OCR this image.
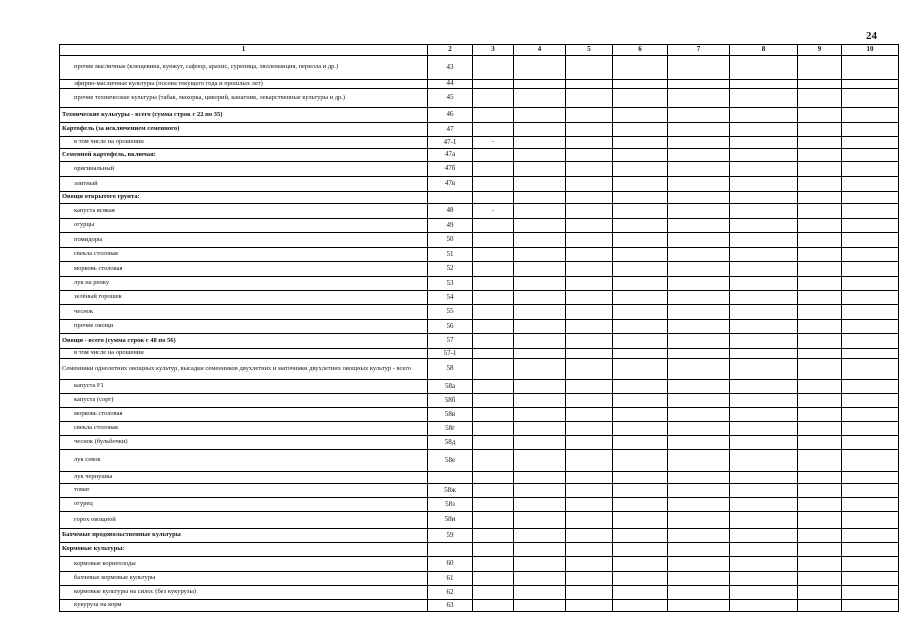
24
1	2	3	4	5	6	7	8	9	10
прочие масличные (клещевина, кунжут, сафлор, арахис, сурепица, ляллеманция, перилла и др.)	43								
эфирно-масличные культуры (посева текущего года и прошлых лет)	44								
прочие технические культуры (табак, махорка, цикорий, канатник, лекарственные культуры и др.)	45								
Технические культуры - всего (сумма строк с 22 по 35)	46								
Картофель (за исключением семенного)	47								
в том числе на орошении	47-1	-							
Семенной картофель, включая:	47а								
оригинальный	47б								
элитный	47в								
Овощи открытого грунта:									
капуста всякая	48	-							
огурцы	49								
помидоры	50								
свекла столовая	51								
морковь столовая	52								
лук на репку	53								
зелёный горошек	54								
чеснок	55								
прочие овощи	56								
Овощи - всего (сумма строк с 48 по 56)	57								
в том числе на орошении	57-1								
Семенники однолетних овощных культур, высадки семенников двухлетних и маточники двухлетних овощных культур - всего	58								
капуста F1	58а								
капуста (сорт)	58б								
морковь столовая	58в								
свекла столовая	58г								
чеснок (бульбочки)	58д								
лук севок	58е								
лук чернушка									
томат	58ж								
огурец	58з								
горох овощной	58и								
Бахчевые продовольственные культуры	59								
Кормовые культуры:									
кормовые корнеплоды	60								
бахчевые кормовые культуры	61								
кормовые культуры на силос (без кукурузы)	62								
кукуруза на корм	63								
